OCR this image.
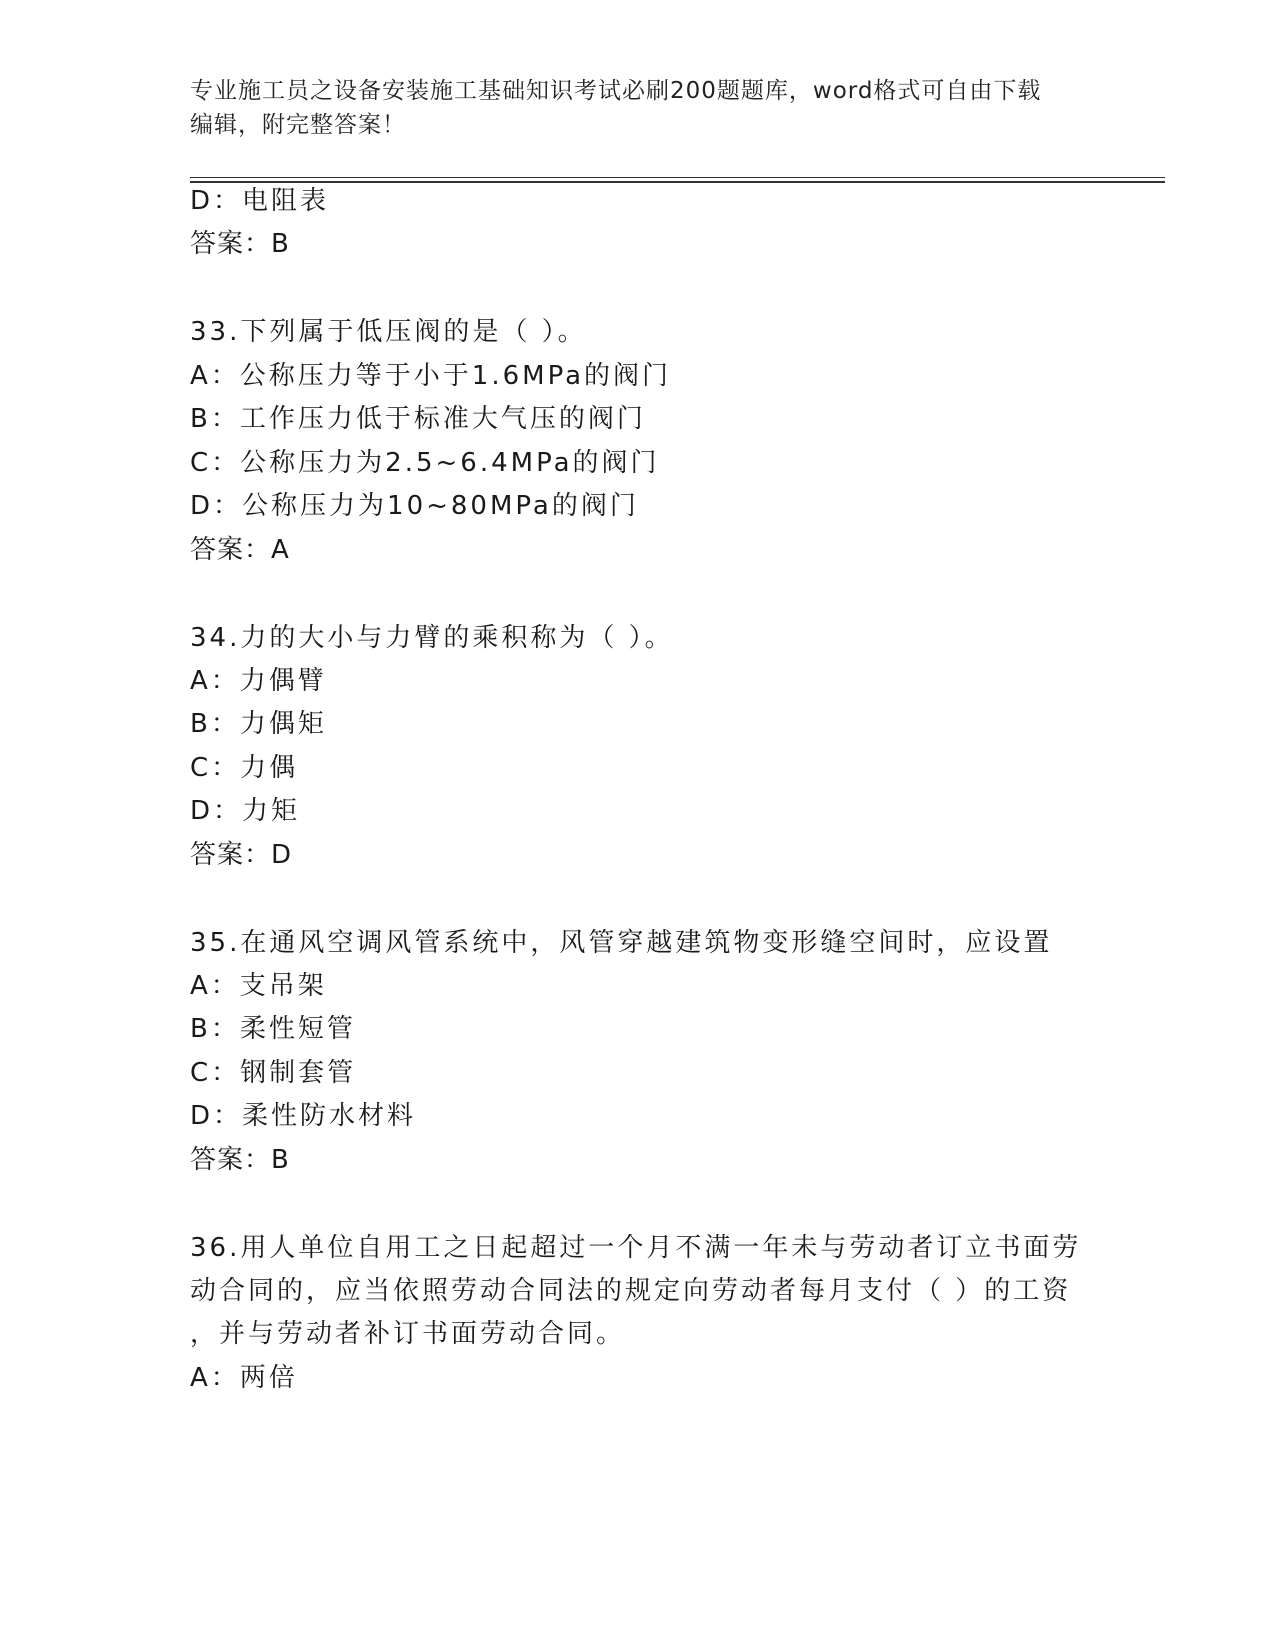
专业施工员之设备安装施工基础知识考试必刷200题题库，word格式可自由下载
编辑，附完整答案！
D：电阻表
答案：B
33.下列属于低压阀的是（ ）。
A：公称压力等于小于1.6MPa的阀门
B：工作压力低于标准大气压的阀门
C：公称压力为2.5~6.4MPa的阀门
D：公称压力为10~80MPa的阀门
答案：A
34.力的大小与力臂的乘积称为（ ）。
A：力偶臂
B：力偶矩
C：力偶
D：力矩
答案：D
35.在通风空调风管系统中，风管穿越建筑物变形缝空间时，应设置
A：支吊架
B：柔性短管
C：钢制套管
D：柔性防水材料
答案：B
36.用人单位自用工之日起超过一个月不满一年未与劳动者订立书面劳
动合同的，应当依照劳动合同法的规定向劳动者每月支付（ ）的工资
，并与劳动者补订书面劳动合同。
A：两倍
